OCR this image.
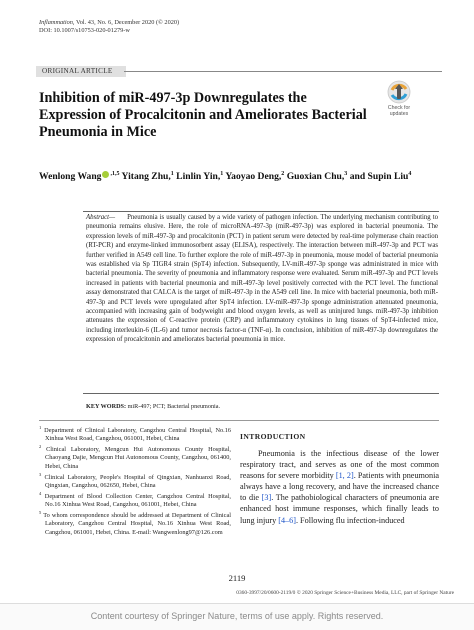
Inflammation, Vol. 43, No. 6, December 2020 (© 2020)
DOI: 10.1007/s10753-020-01279-w
ORIGINAL ARTICLE
Check for
updates
Inhibition of miR-497-3p Downregulates the Expression of Procalcitonin and Ameliorates Bacterial Pneumonia in Mice
Wenlong Wang $^{,1,5}$ Yitang Zhu,$^1$ Linlin Yin,$^1$ Yaoyao Deng,$^2$ Guoxian Chu,$^3$ and Supin Liu$^4$
Abstract— Pneumonia is usually caused by a wide variety of pathogen infection. The underlying mechanism contributing to pneumonia remains elusive. Here, the role of microRNA-497-3p (miR-497-3p) was explored in bacterial pneumonia. The expression levels of miR-497-3p and procalcitonin (PCT) in patient serum were detected by real-time polymerase chain reaction (RT-PCR) and enzyme-linked immunosorbent assay (ELISA), respectively. The interaction between miR-497-3p and PCT was further verified in A549 cell line. To further explore the role of miR-497-3p in pneumonia, mouse model of bacterial pneumonia was established via Sp TIGR4 strain (SpT4) infection. Subsequently, LV-miR-497-3p sponge was administrated in mice with bacterial pneumonia. The severity of pneumonia and inflammatory response were evaluated. Serum miR-497-3p and PCT levels increased in patients with bacterial pneumonia and miR-497-3p level positively corrected with the PCT level. The functional assay demonstrated that CALCA is the target of miR-497-3p in the A549 cell line. In mice with bacterial pneumonia, both miR-497-3p and PCT levels were upregulated after SpT4 infection. LV-miR-497-3p sponge administration attenuated pneumonia, accompanied with increasing gain of bodyweight and blood oxygen levels, as well as uninjured lungs. miR-497-3p inhibition attenuates the expression of C-reactive protein (CRP) and inflammatory cytokines in lung tissues of SpT4-infected mice, including interleukin-6 (IL-6) and tumor necrosis factor-α (TNF-α). In conclusion, inhibition of miR-497-3p downregulates the expression of procalcitonin and ameliorates bacterial pneumonia in mice.
KEY WORDS: miR-497; PCT; Bacterial pneumonia.

$^1$ Department of Clinical Laboratory, Cangzhou Central Hospital, No.16 Xinhua West Road, Cangzhou, 061001, Hebei, China

$^2$ Clinical Laboratory, Mengcun Hui Autonomous County Hospital, Chaoyang Dajie, Mengcun Hui Autonomous County, Cangzhou, 061400, Hebei, China

$^3$ Clinical Laboratory, People's Hospital of Qingxian, Nanhuanxi Road, Qingxian, Cangzhou, 062650, Hebei, China

$^4$ Department of Blood Collection Center, Cangzhou Central Hospital, No.16 Xinhua West Road, Cangzhou, 061001, Hebei, China

$^5$ To whom correspondence should be addressed at Department of Clinical Laboratory, Cangzhou Central Hospital, No.16 Xinhua West Road, Cangzhou, 061001, Hebei, China. E-mail: Wangwenlong97@126.com

INTRODUCTION
Pneumonia is the infectious disease of the lower respiratory tract, and serves as one of the most common reasons for severe morbidity [1, 2]. Patients with pneumonia always have a long recovery, and have the increased chance to die [3]. The pathobiological characters of pneumonia are enhanced host immune responses, which finally leads to lung injury [4–6]. Following flu infection-induced
2119
0360-3997/20/0600-2119/0 © 2020 Springer Science+Business Media, LLC, part of Springer Nature
Content courtesy of Springer Nature, terms of use apply. Rights reserved.
